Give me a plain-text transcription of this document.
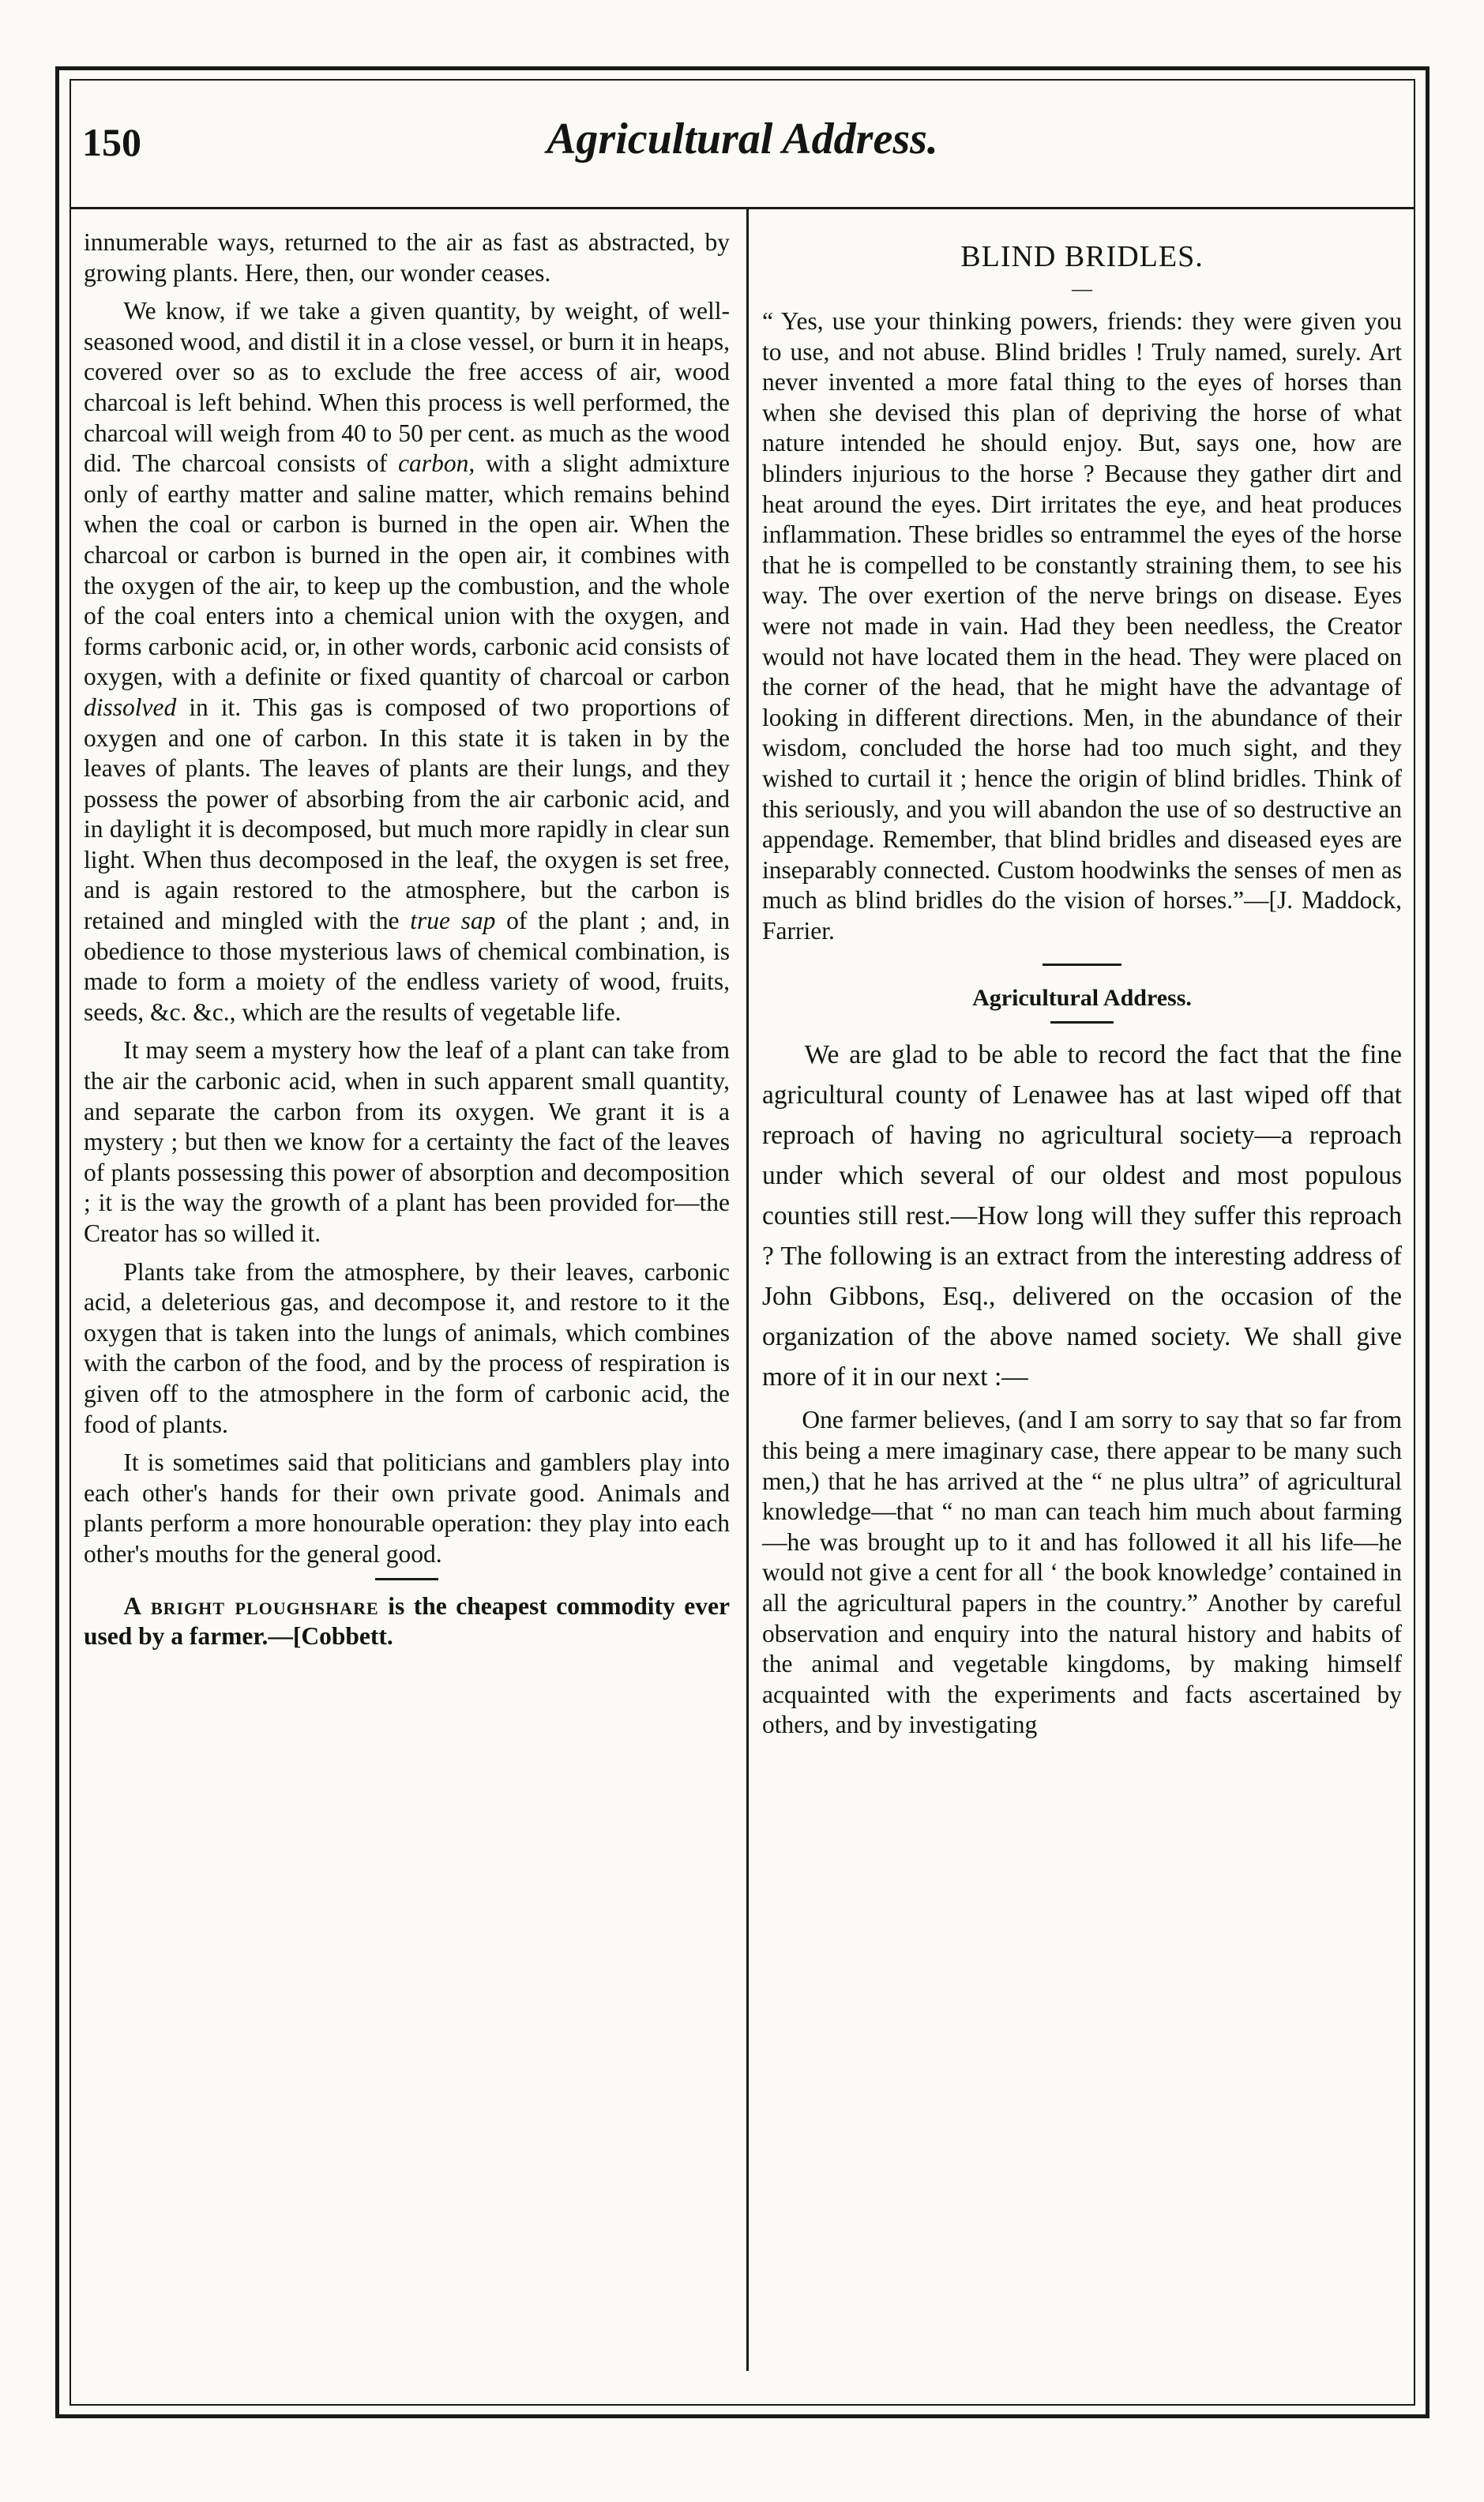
150	Agricultural Address.

innumerable ways, returned to the air as fast as abstracted, by growing plants. Here, then, our wonder ceases.

We know, if we take a given quantity, by weight, of well-seasoned wood, and distil it in a close vessel, or burn it in heaps, covered over so as to exclude the free access of air, wood charcoal is left behind. When this process is well performed, the charcoal will weigh from 40 to 50 per cent. as much as the wood did. The charcoal consists of carbon, with a slight admixture only of earthy matter and saline matter, which remains behind when the coal or carbon is burned in the open air. When the charcoal or carbon is burned in the open air, it combines with the oxygen of the air, to keep up the combustion, and the whole of the coal enters into a chemical union with the oxygen, and forms carbonic acid, or, in other words, carbonic acid consists of oxygen, with a definite or fixed quantity of charcoal or carbon dissolved in it. This gas is composed of two proportions of oxygen and one of carbon. In this state it is taken in by the leaves of plants. The leaves of plants are their lungs, and they possess the power of absorbing from the air carbonic acid, and in daylight it is decomposed, but much more rapidly in clear sun light. When thus decomposed in the leaf, the oxygen is set free, and is again restored to the atmosphere, but the carbon is retained and mingled with the true sap of the plant ; and, in obedience to those mysterious laws of chemical combination, is made to form a moiety of the endless variety of wood, fruits, seeds, &c. &c., which are the results of vegetable life.

It may seem a mystery how the leaf of a plant can take from the air the carbonic acid, when in such apparent small quantity, and separate the carbon from its oxygen. We grant it is a mystery ; but then we know for a certainty the fact of the leaves of plants possessing this power of absorption and decomposition ; it is the way the growth of a plant has been provided for—the Creator has so willed it.

Plants take from the atmosphere, by their leaves, carbonic acid, a deleterious gas, and decompose it, and restore to it the oxygen that is taken into the lungs of animals, which combines with the carbon of the food, and by the process of respiration is given off to the atmosphere in the form of carbonic acid, the food of plants.

It is sometimes said that politicians and gamblers play into each other's hands for their own private good. Animals and plants perform a more honourable operation: they play into each other's mouths for the general good.

A bright ploughshare is the cheapest commodity ever used by a farmer.—[Cobbett.

BLIND BRIDLES.
—

“ Yes, use your thinking powers, friends: they were given you to use, and not abuse. Blind bridles ! Truly named, surely. Art never invented a more fatal thing to the eyes of horses than when she devised this plan of depriving the horse of what nature intended he should enjoy. But, says one, how are blinders injurious to the horse ? Because they gather dirt and heat around the eyes. Dirt irritates the eye, and heat produces inflammation. These bridles so entrammel the eyes of the horse that he is compelled to be constantly straining them, to see his way. The over exertion of the nerve brings on disease. Eyes were not made in vain. Had they been needless, the Creator would not have located them in the head. They were placed on the corner of the head, that he might have the advantage of looking in different directions. Men, in the abundance of their wisdom, concluded the horse had too much sight, and they wished to curtail it ; hence the origin of blind bridles. Think of this seriously, and you will abandon the use of so destructive an appendage. Remember, that blind bridles and diseased eyes are inseparably connected. Custom hoodwinks the senses of men as much as blind bridles do the vision of horses.”—[J. Maddock, Farrier.

Agricultural Address.

We are glad to be able to record the fact that the fine agricultural county of Lenawee has at last wiped off that reproach of having no agricultural society—a reproach under which several of our oldest and most populous counties still rest.—How long will they suffer this reproach ? The following is an extract from the interesting address of John Gibbons, Esq., delivered on the occasion of the organization of the above named society. We shall give more of it in our next :—

One farmer believes, (and I am sorry to say that so far from this being a mere imaginary case, there appear to be many such men,) that he has arrived at the “ ne plus ultra” of agricultural knowledge—that “ no man can teach him much about farming—he was brought up to it and has followed it all his life—he would not give a cent for all ‘ the book knowledge’ contained in all the agricultural papers in the country.” Another by careful observation and enquiry into the natural history and habits of the animal and vegetable kingdoms, by making himself acquainted with the experiments and facts ascertained by others, and by investigating
